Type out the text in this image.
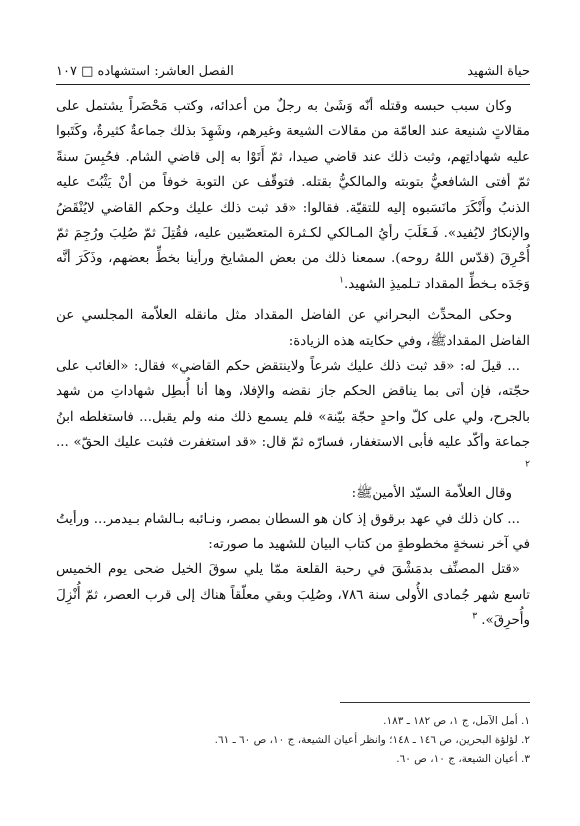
حياة الشهيد
الفصل العاشر: استشهاده □ ١٠٧

وكان سبب حبسه وقتله أنّه وَشَىٰ به رجلٌ من أعدائه، وكتب مَحْضَراً يشتمل على مقالاتٍ شنيعة عند العامّة من مقالات الشيعة وغيرهم، وشَهِدَ بذلك جماعةٌ كثيرةٌ، وكَتَبوا عليه شهاداتِهم، وثبت ذلك عند قاضي صيدا، ثمّ أَتَوْا به إلى قاضي الشام. فحُبِسَ سنةً ثمّ أفتى الشافعيُّ بتوبته والمالكيُّ بقتله. فتوقّف عن التوبة خوفاً من أنْ يَثْبُتَ عليه الذنبُ وأَنْكَرَ مانَسَبوه إليه للتقيّة. فقالوا: «قد ثبت ذلك عليك وحكم القاضي لايُنْقَضُ والإنكارُ لايُفيد». فَـغَلَبَ رأيُ المـالكي لكـثرة المتعصّبين عليه، فقُتِلَ ثمّ صُلِبَ ورُجِمَ ثمّ أُحْرِقَ (قدّس اللهُ روحه). سمعنا ذلك من بعض المشايخ ورأينا بخطِّ بعضهم، وذَكَرَ أنَّه وَجَدَه بـخطِّ المقداد تـلميذِ الشهيد.$^١$

وحكى المحدِّث البحراني عن الفاضل المقداد مثل مانقله العلاّمة المجلسي عن الفاضل المقدادﷺ، وفي حكايته هذه الزيادة:

... قيلَ له: «قد ثبت ذلك عليك شرعاً ولاينتقض حكم القاضي» فقال: «الغائب على حجّته، فإن أتى بما يناقض الحكم جاز نقضه والإفلا، وها أنا أُبطِل شهاداتِ من شهد بالجرح، ولي على كلّ واحدٍ حجّة بيّنة» فلم يسمع ذلك منه ولم يقبل... فاستغلطه ابنُ جماعة وأكّد عليه فأبى الاستغفار، فسارّه ثمّ قال: «قد استغفرت فثبت عليك الحقّ» ... $^٢$

وقال العلاّمة السيّد الأمينﷺ:

... كان ذلك في عهد برقوق إذ كان هو السطان بمصر، ونـائبه بـالشام بـيدمر... ورأيتُ في آخر نسخةٍ مخطوطةٍ من كتاب البيان للشهيد ما صورته:

«قتل المصنِّف بدمَشْقَ في رحبة القلعة ممّا يلي سوقَ الخيل ضحى يوم الخميس تاسع شهر جُمادى الأُولى سنة ٧٨٦، وصُلِبَ وبقي معلّقاً هناك إلى قرب العصر، ثمّ أُنْزِلَ وأُحرِقَ». $^٣$

١. أمل الآمل، ج ١، ص ١٨٢ ـ ١٨٣.
٢. لؤلؤة البحرين، ص ١٤٦ ـ ١٤٨؛ وانظر أعيان الشيعة، ج ١٠، ص ٦٠ ـ ٦١.
٣. أعيان الشيعة، ج ١٠، ص ٦٠.
